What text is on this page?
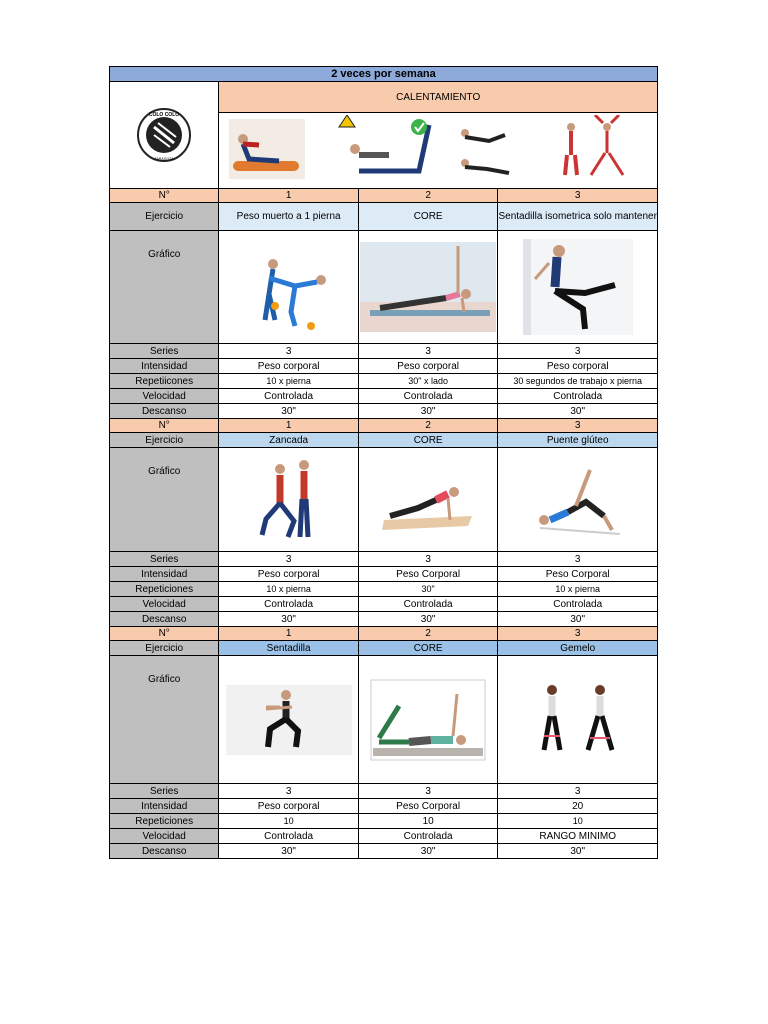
2 veces por semana			

COLO COLO
ZARAGOZA	CALENTAMIENTO		

N°	1	2	3
Ejercicio	Peso muerto a 1 pierna	CORE	Sentadilla isometrica solo mantener
Gráfico	

Series	3	3	3
Intensidad	Peso corporal	Peso corporal	Peso corporal
Repetiicones	10 x pierna	30" x lado	30 segundos de trabajo x pierna
Velocidad	Controlada	Controlada	Controlada
Descanso	30"	30"	30"
N°	1	2	3
Ejercicio	Zancada	CORE	Puente glúteo
Gráfico	

Series	3	3	3
Intensidad	Peso corporal	Peso Corporal	Peso Corporal
Repeticiones	10 x pierna	30"	10 x pierna
Velocidad	Controlada	Controlada	Controlada
Descanso	30"	30"	30"
N°	1	2	3
Ejercicio	Sentadilla	CORE	Gemelo
Gráfico	

Series	3	3	3
Intensidad	Peso corporal	Peso Corporal	20
Repeticiones	10	10	10
Velocidad	Controlada	Controlada	RANGO MINIMO
Descanso	30"	30"	30"
